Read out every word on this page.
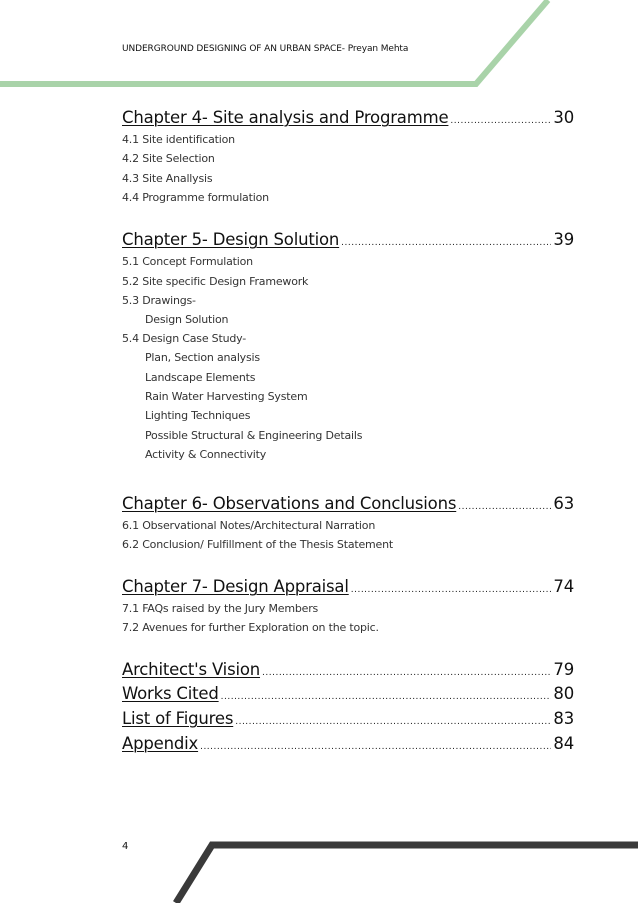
UNDERGROUND DESIGNING OF AN URBAN SPACE- Preyan Mehta
Chapter 4- Site analysis and Programme .....	30
4.1 Site identification
4.2 Site Selection
4.3 Site Anallysis
4.4 Programme formulation
Chapter 5- Design Solution .....	39
5.1 Concept Formulation
5.2 Site specific Design Framework
5.3 Drawings-
Design Solution
5.4 Design Case Study-
Plan, Section analysis
Landscape Elements
Rain Water Harvesting System
Lighting Techniques
Possible Structural & Engineering Details
Activity & Connectivity
Chapter 6- Observations and Conclusions .....	63
6.1 Observational Notes/Architectural Narration
6.2 Conclusion/ Fulfillment of the Thesis Statement
Chapter 7- Design Appraisal .....	74
7.1 FAQs raised by the Jury Members
7.2 Avenues for further Exploration on the topic.
Architect's Vision .....	79
Works Cited .....	80
List of Figures .....	83
Appendix .....	84
4
